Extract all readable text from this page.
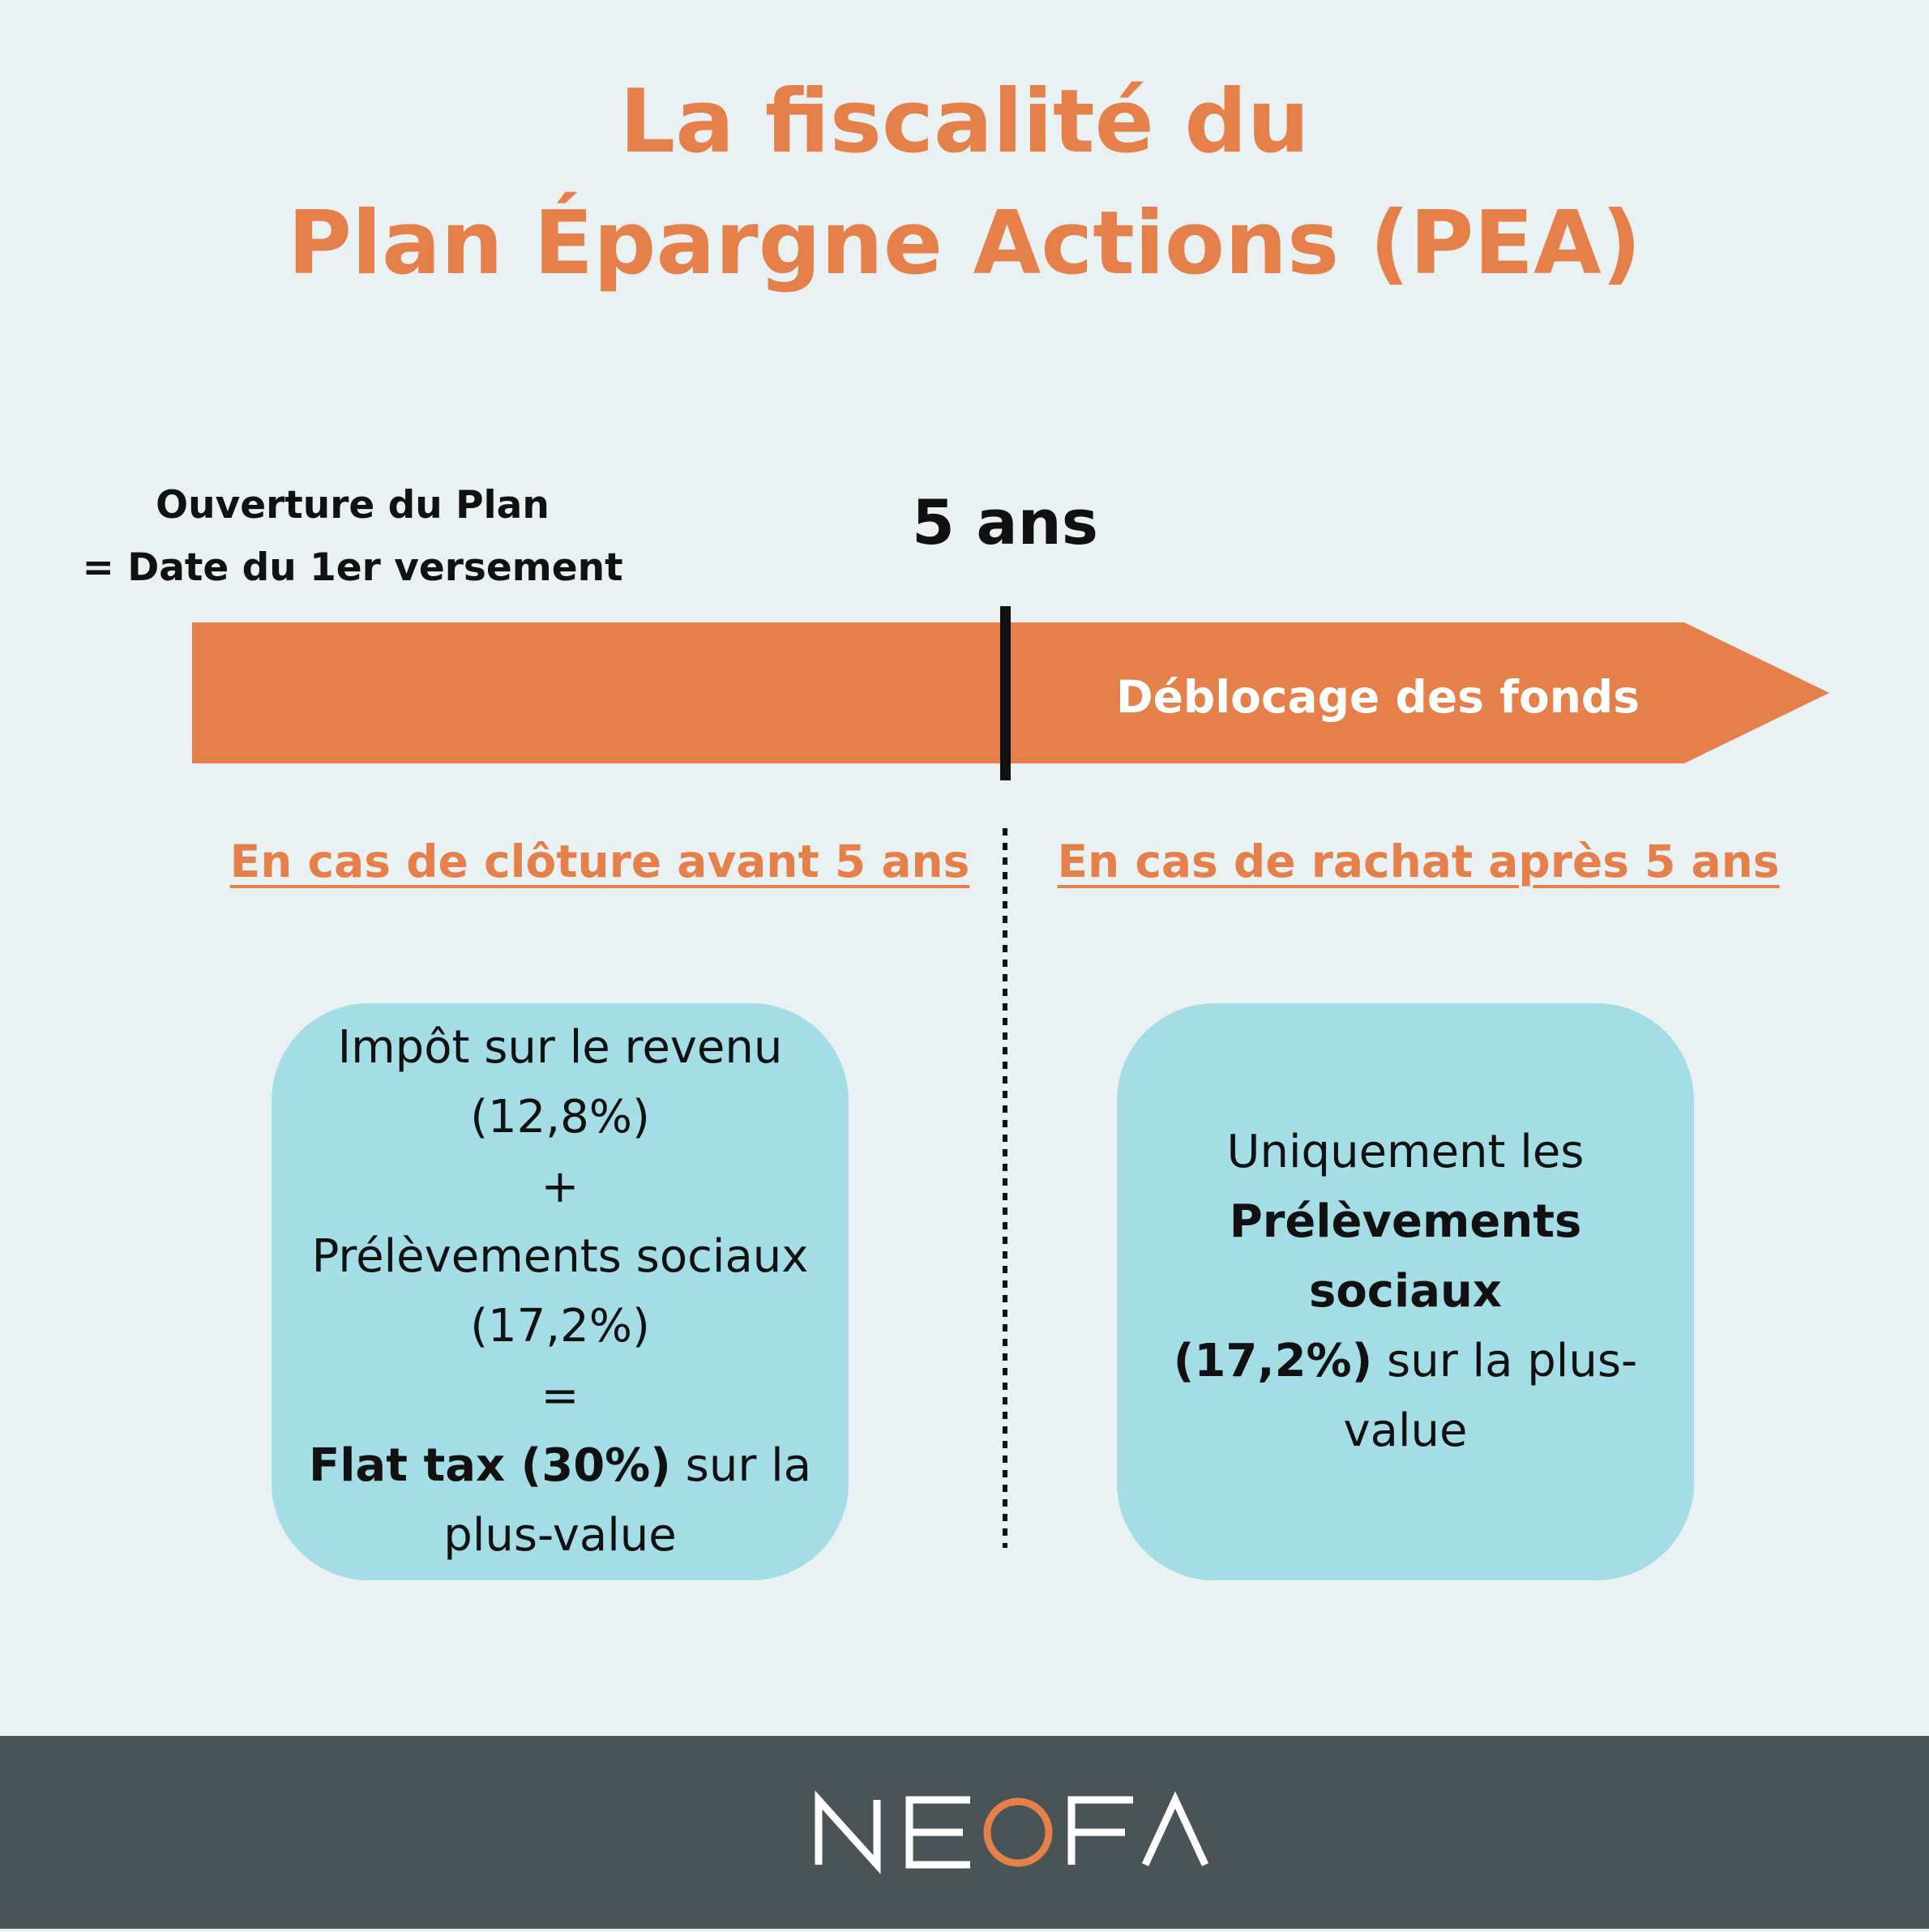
La fiscalité du
Plan Épargne Actions (PEA)
Ouverture du Plan
= Date du 1er versement
5 ans
Déblocage des fonds
En cas de clôture avant 5 ans En cas de rachat après 5 ans

Impôt sur le revenu

(12,8%)

+

Prélèvements sociaux

(17,2%)

=

Flat tax (30%) sur la

plus-value

Uniquement les

Prélèvements sociaux

(17,2%) sur la plus-

value
